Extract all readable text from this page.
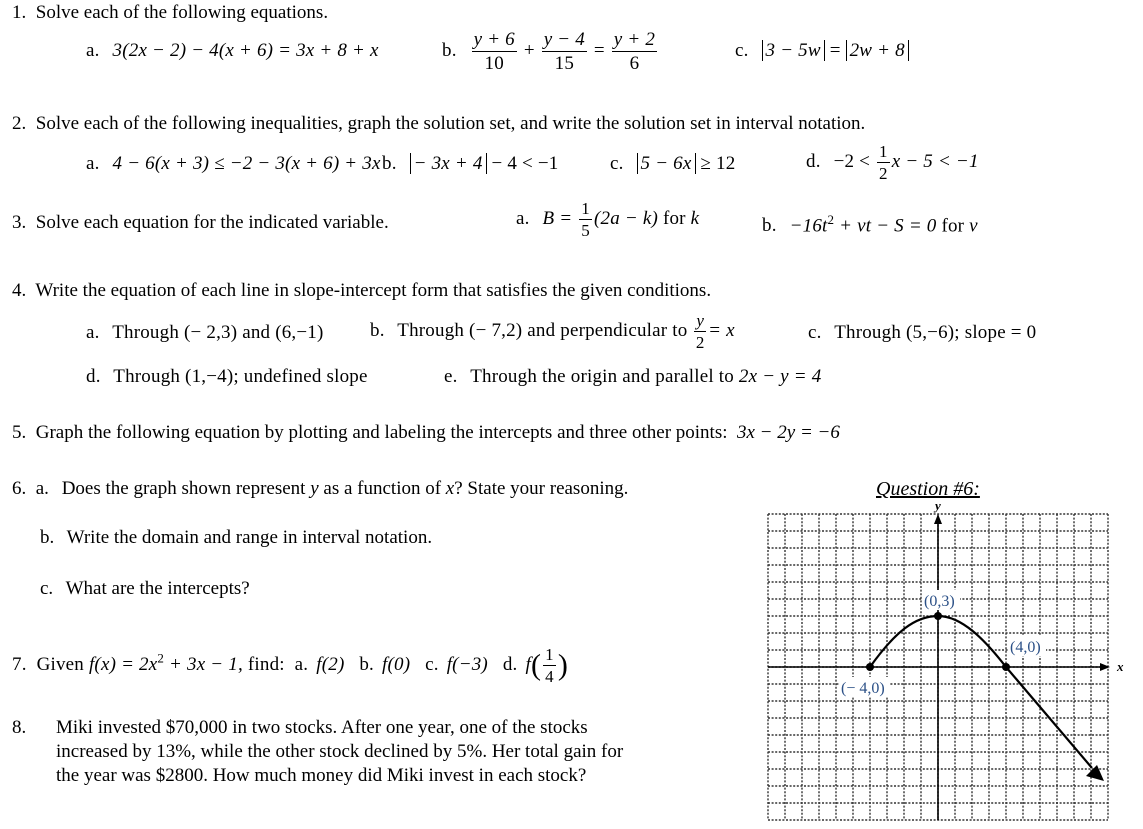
1. Solve each of the following equations.
a. 3(2x − 2) − 4(x + 6) = 3x + 8 + x	b. $\frac{y + 6}{10} + \frac{y - 4}{15} = \frac{y + 2}{6}$	c. 3 − 5w = 2w + 8
2. Solve each of the following inequalities, graph the solution set, and write the solution set in interval notation.
a. 4 − 6(x + 3) ≤ −2 − 3(x + 6) + 3x b. − 3x + 4 − 4 < −1	c. 5 − 6x ≥ 12	d. $-2 < \frac{1}{2}$ x − 5 < −1
3. Solve each equation for the indicated variable.	a. $B = \frac{1}{5} (2a - k)$ for k	b. $-16t^2$ + vt − S = 0 for v
4. Write the equation of each line in slope-intercept form that satisfies the given conditions.
a. Through (− 2,3) and (6,−1) b. Through (− 7,2) and perpendicular to $\frac{y}{2} = x$	c. Through (5,−6); slope = 0
d. Through (1,−4); undefined slope	e. Through the origin and parallel to 2x − y = 4
5. Graph the following equation by plotting and labeling the intercepts and three other points: 3x − 2y = −6
6. a. Does the graph shown represent y as a function of x? State your reasoning.
b. Write the domain and range in interval notation.
c. What are the intercepts?
7. Given $f(x) = 2x^2 + 3x - 1$, find: a. f(2) b. f(0) c. f(−3) d. $f( \frac{1}{4}$ )
8.	Miki invested $70,000 in two stocks. After one year, one of the stocks
increased by 13%, while the other stock declined by 5%. Her total gain for
the year was $2800. How much money did Miki invest in each stock?
Question #6:
x
y
(0,3)
(4,0)
(− 4,0)
